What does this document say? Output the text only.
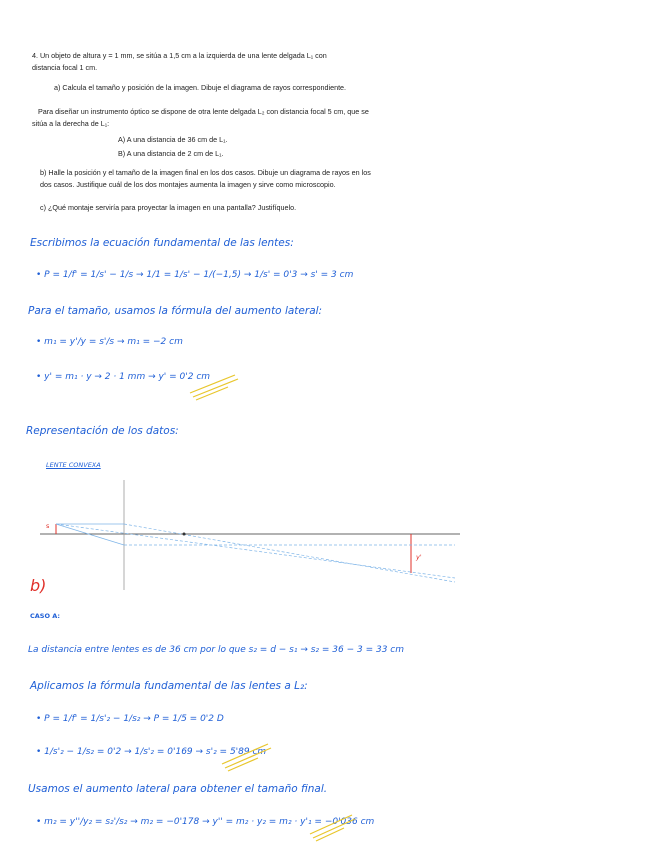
4. Un objeto de altura y = 1 mm, se sitúa a 1,5 cm a la izquierda de una lente delgada L₁ con
distancia focal 1 cm.
a) Calcula el tamaño y posición de la imagen. Dibuje el diagrama de rayos correspondiente.
Para diseñar un instrumento óptico se dispone de otra lente delgada L₂ con distancia focal 5 cm, que se
sitúa a la derecha de L₁:
A) A una distancia de 36 cm de L₁.
B) A una distancia de 2 cm de L₁.
b) Halle la posición y el tamaño de la imagen final en los dos casos. Dibuje un diagrama de rayos en los
dos casos. Justifique cuál de los dos montajes aumenta la imagen y sirve como microscopio.
c) ¿Qué montaje serviría para proyectar la imagen en una pantalla? Justifíquelo.
Escribimos la ecuación fundamental de las lentes:
• P = 1/f' = 1/s' − 1/s → 1/1 = 1/s' − 1/(−1,5) → 1/s' = 0'3 → s' = 3 cm
Para el tamaño, usamos la fórmula del aumento lateral:
• m₁ = y'/y = s'/s → m₁ = −2 cm
• y' = m₁ · y → 2 · 1 mm → y' = 0'2 cm
Representación de los datos:
LENTE CONVEXA
s
y'
b)
CASO A:
La distancia entre lentes es de 36 cm por lo que s₂ = d − s₁ → s₂ = 36 − 3 = 33 cm
Aplicamos la fórmula fundamental de las lentes a L₂:
• P = 1/f' = 1/s'₂ − 1/s₂ → P = 1/5 = 0'2 D
• 1/s'₂ − 1/s₂ = 0'2 → 1/s'₂ = 0'169 → s'₂ = 5'89 cm
Usamos el aumento lateral para obtener el tamaño final.
• m₂ = y''/y₂ = s₂'/s₂ → m₂ = −0'178 → y'' = m₂ · y₂ = m₂ · y'₁ = −0'036 cm
